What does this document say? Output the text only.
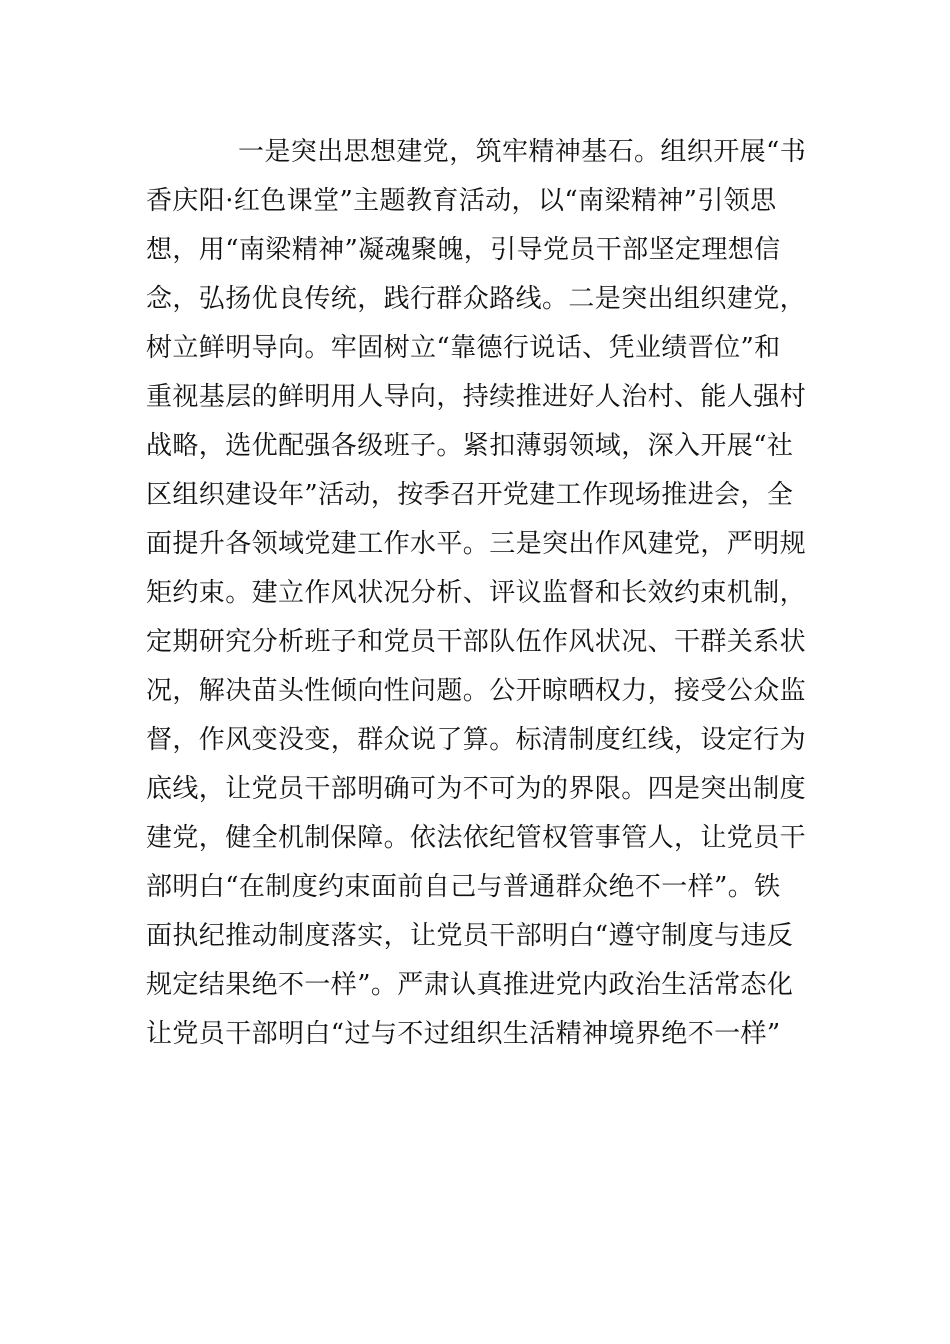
一是突出思想建党，筑牢精神基石。组织开展“书
香庆阳·红色课堂”主题教育活动，以“南梁精神”引领思
想，用“南梁精神”凝魂聚魄，引导党员干部坚定理想信
念，弘扬优良传统，践行群众路线。二是突出组织建党，
树立鲜明导向。牢固树立“靠德行说话、凭业绩晋位”和
重视基层的鲜明用人导向，持续推进好人治村、能人强村
战略，选优配强各级班子。紧扣薄弱领域，深入开展“社
区组织建设年”活动，按季召开党建工作现场推进会，全
面提升各领域党建工作水平。三是突出作风建党，严明规
矩约束。建立作风状况分析、评议监督和长效约束机制，
定期研究分析班子和党员干部队伍作风状况、干群关系状
况，解决苗头性倾向性问题。公开晾晒权力，接受公众监
督，作风变没变，群众说了算。标清制度红线，设定行为
底线，让党员干部明确可为不可为的界限。四是突出制度
建党，健全机制保障。依法依纪管权管事管人，让党员干
部明白“在制度约束面前自己与普通群众绝不一样”。铁
面执纪推动制度落实，让党员干部明白“遵守制度与违反
规定结果绝不一样”。严肃认真推进党内政治生活常态化
让党员干部明白“过与不过组织生活精神境界绝不一样”
